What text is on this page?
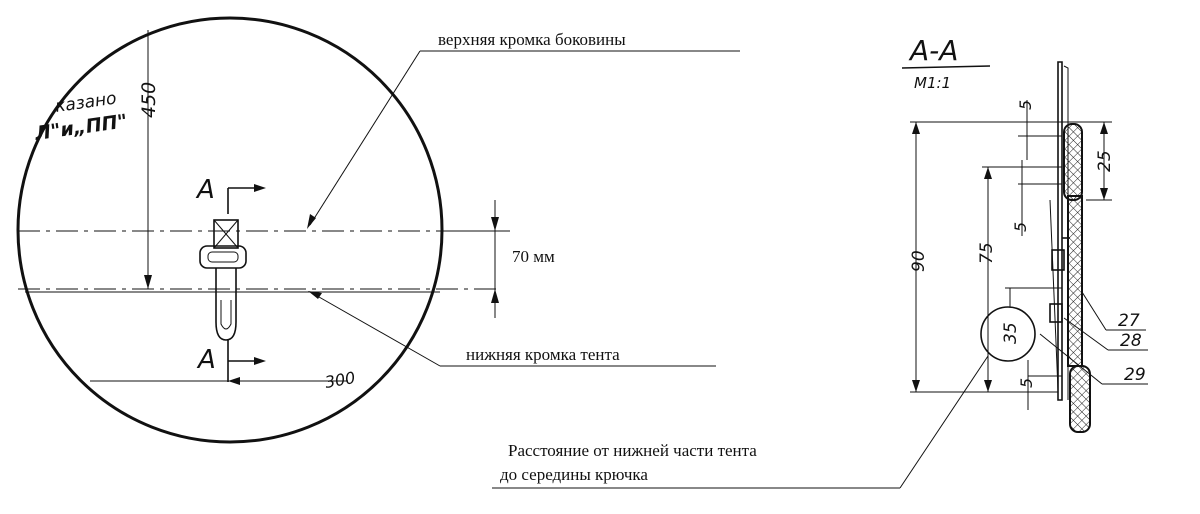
450
казано
Л"и„ПП"
А
А
300
70 мм
верхняя кромка боковины
нижняя кромка тента
А-А
М1:1
5
25
5
90	75
35
5
27
28
29
Расстояние от нижней части тента
до середины крючка
